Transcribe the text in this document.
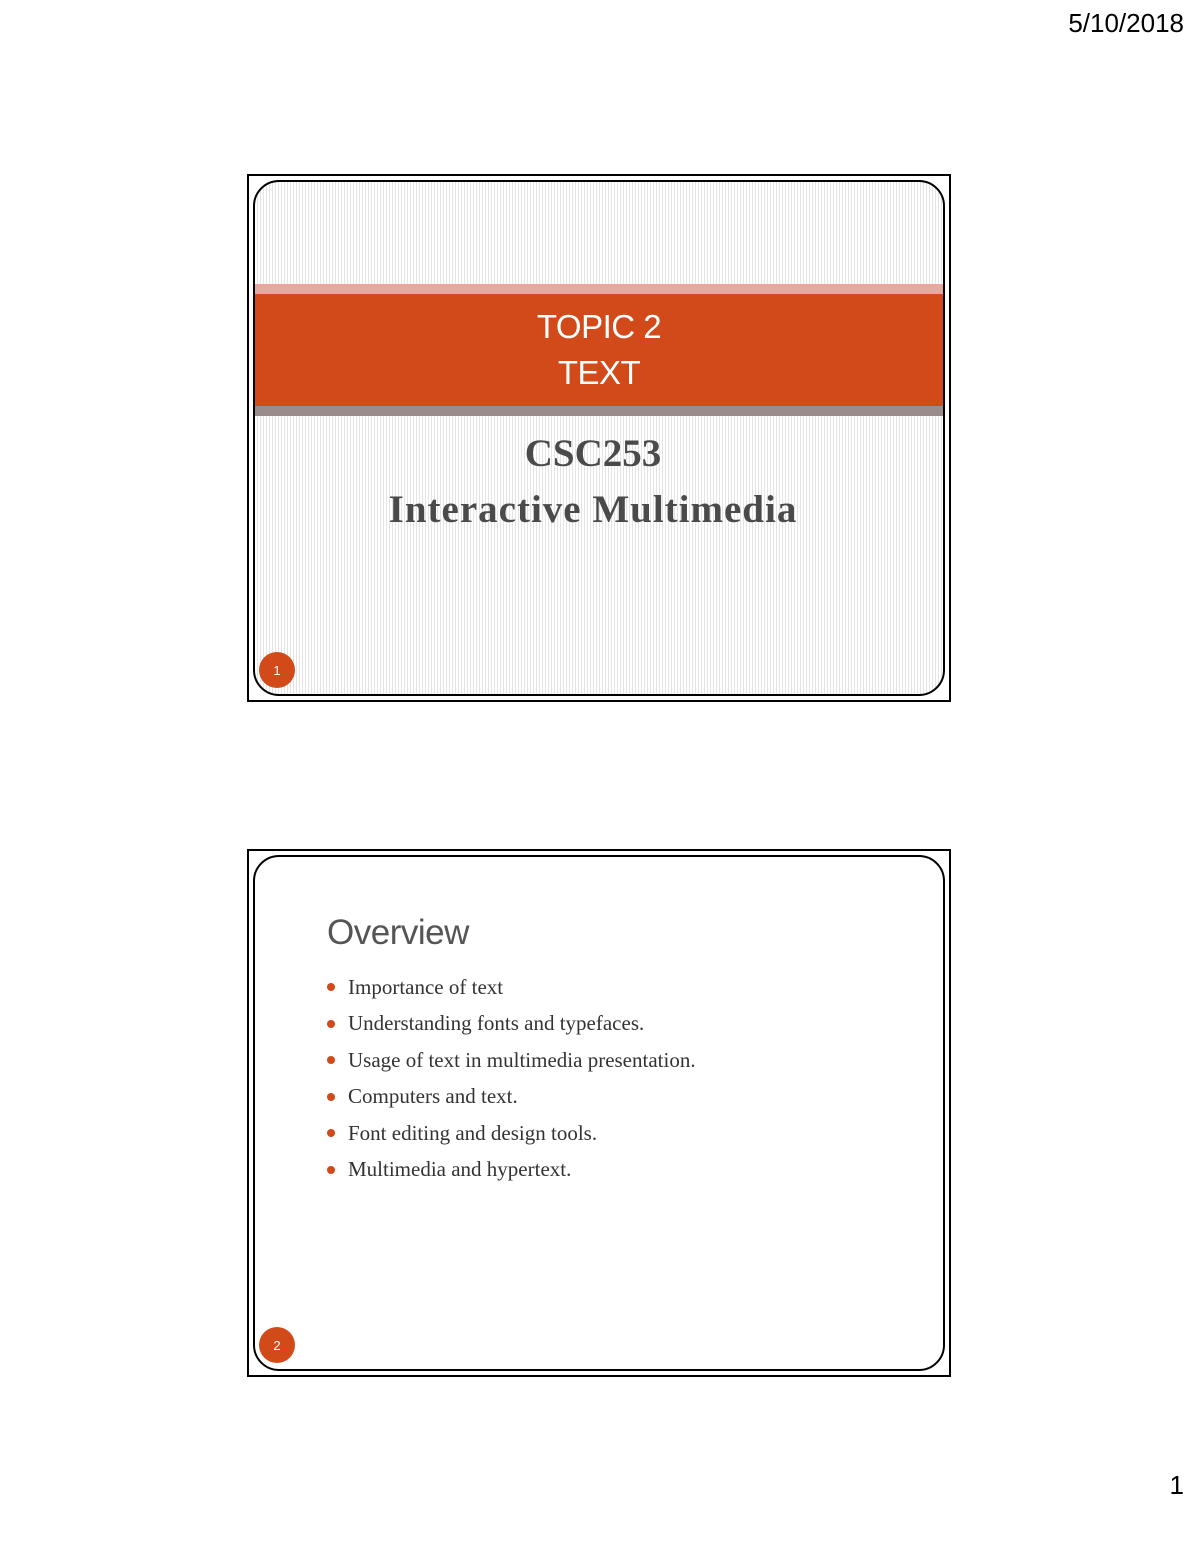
5/10/2018
TOPIC 2
TEXT
CSC253
Interactive Multimedia
1
Overview
Importance of text
Understanding fonts and typefaces.
Usage of text in multimedia presentation.
Computers and text.
Font editing and design tools.
Multimedia and hypertext.
2
1
